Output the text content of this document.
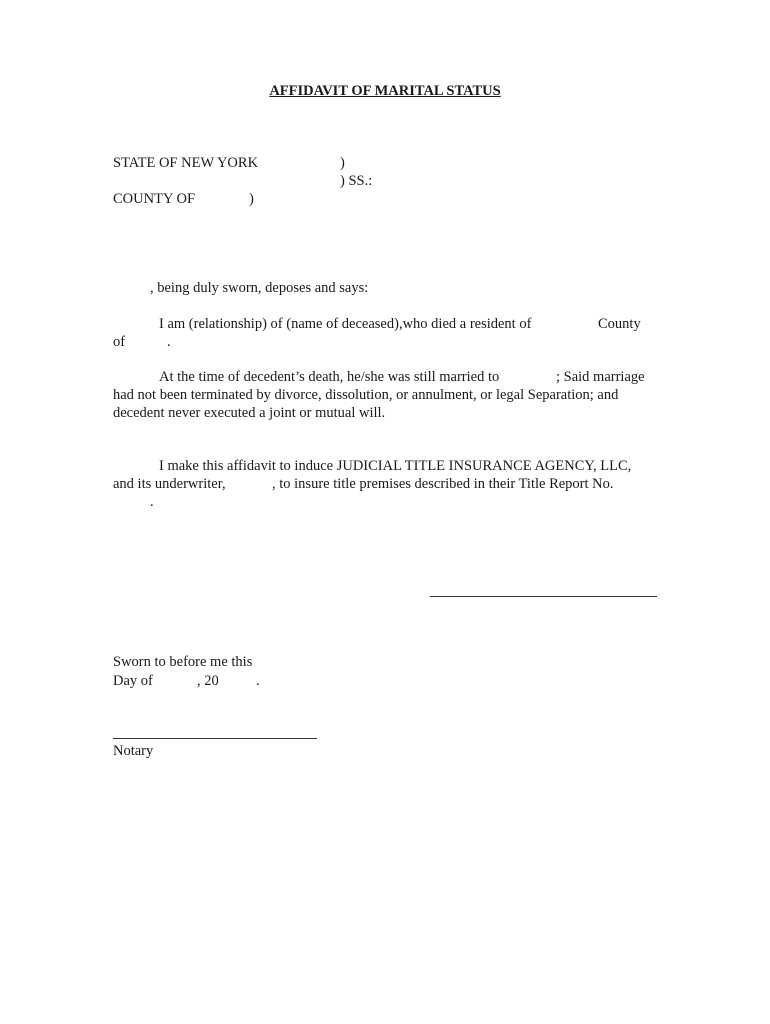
AFFIDAVIT OF MARITAL STATUS
STATE OF NEW YORK	)
) SS.:
COUNTY OF	)
, being duly sworn, deposes and says:
I am (relationship) of (name of deceased),who died a resident of	County
of	.
At the time of decedent’s death, he/she was still married to	; Said marriage
had not been terminated by divorce, dissolution, or annulment, or legal Separation; and
decedent never executed a joint or mutual will.
I make this affidavit to induce JUDICIAL TITLE INSURANCE AGENCY, LLC,
and its underwriter,	, to insure title premises described in their Title Report No.
.
Sworn to before me this
Day of	, 20	.
Notary
